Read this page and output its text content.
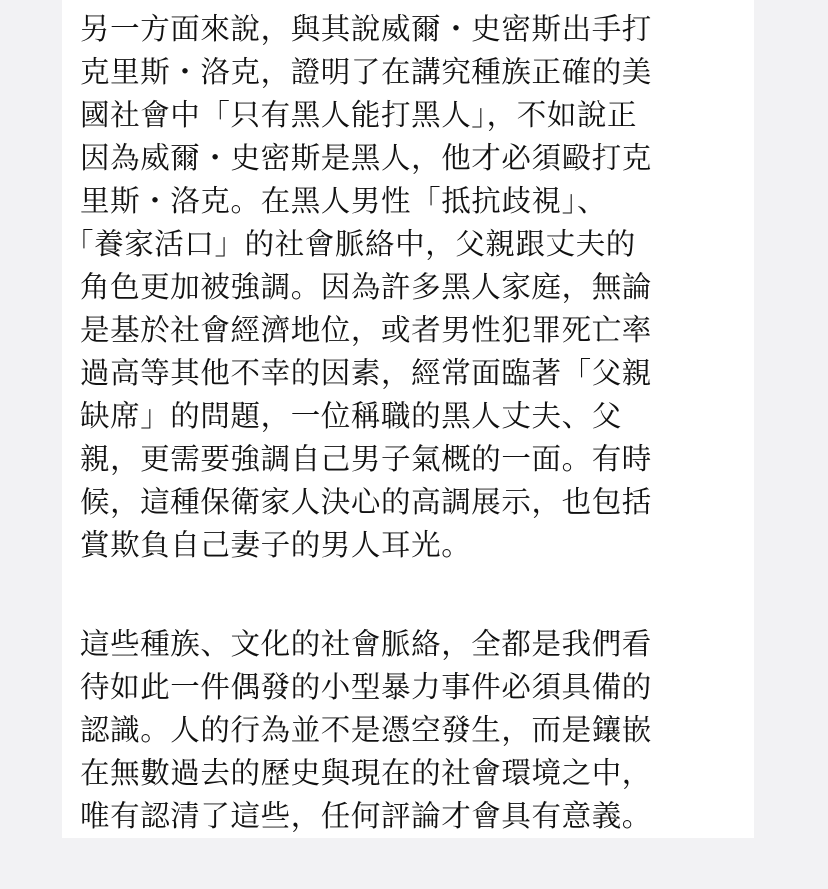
另一方面來說，與其說威爾・史密斯出手打
克里斯・洛克，證明了在講究種族正確的美
國社會中「只有黑人能打黑人」，不如說正
因為威爾・史密斯是黑人，他才必須毆打克
里斯・洛克。在黑人男性「抵抗歧視」、
「養家活口」的社會脈絡中，父親跟丈夫的
角色更加被強調。因為許多黑人家庭，無論
是基於社會經濟地位，或者男性犯罪死亡率
過高等其他不幸的因素，經常面臨著「父親
缺席」的問題，一位稱職的黑人丈夫、父
親，更需要強調自己男子氣概的一面。有時
候，這種保衛家人決心的高調展示，也包括
賞欺負自己妻子的男人耳光。
這些種族、文化的社會脈絡，全都是我們看
待如此一件偶發的小型暴力事件必須具備的
認識。人的行為並不是憑空發生，而是鑲嵌
在無數過去的歷史與現在的社會環境之中，
唯有認清了這些，任何評論才會具有意義。
